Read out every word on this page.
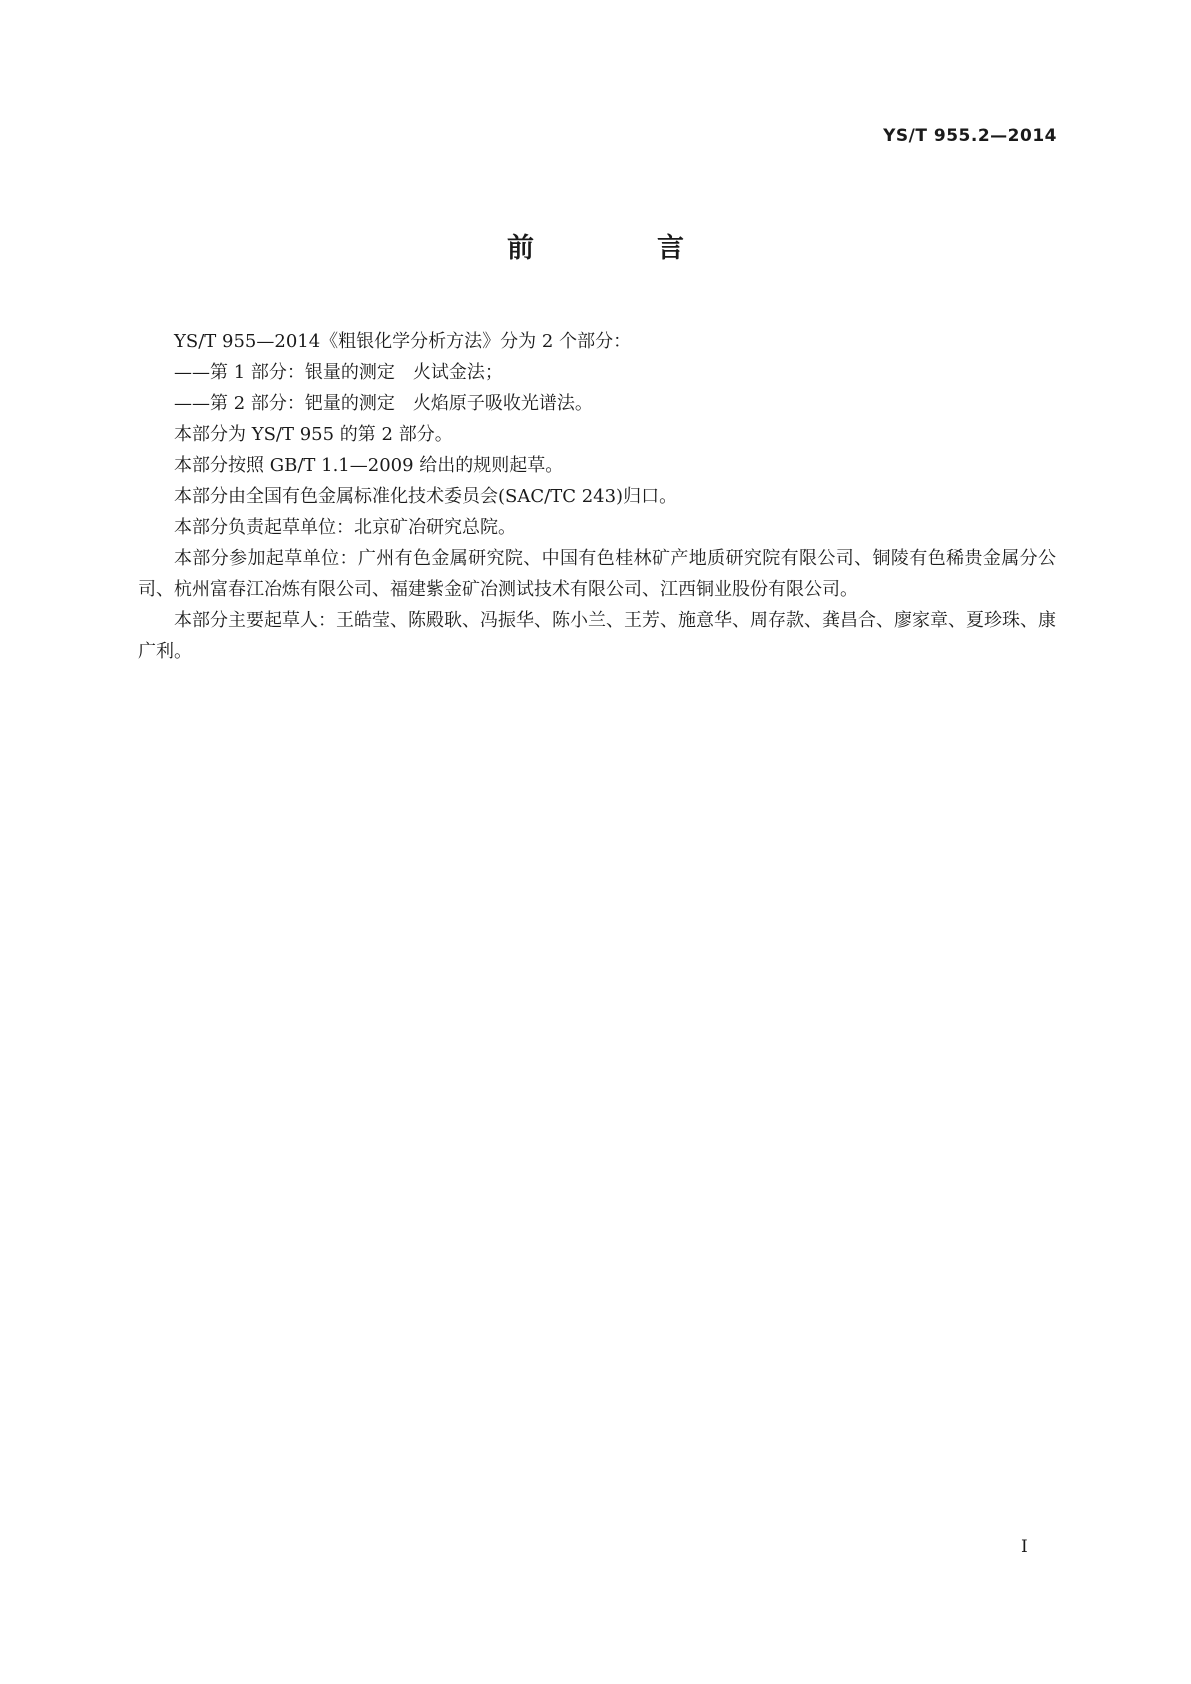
YS/T 955.2—2014

前　言

YS/T 955—2014《粗银化学分析方法》分为 2 个部分：

——第 1 部分：银量的测定　火试金法；

——第 2 部分：钯量的测定　火焰原子吸收光谱法。

本部分为 YS/T 955 的第 2 部分。

本部分按照 GB/T 1.1—2009 给出的规则起草。

本部分由全国有色金属标准化技术委员会(SAC/TC 243)归口。

本部分负责起草单位：北京矿冶研究总院。

本部分参加起草单位：广州有色金属研究院、中国有色桂林矿产地质研究院有限公司、铜陵有色稀贵金属分公司、杭州富春江冶炼有限公司、福建紫金矿冶测试技术有限公司、江西铜业股份有限公司。

本部分主要起草人：王皓莹、陈殿耿、冯振华、陈小兰、王芳、施意华、周存款、龚昌合、廖家章、夏珍珠、康广利。

I
